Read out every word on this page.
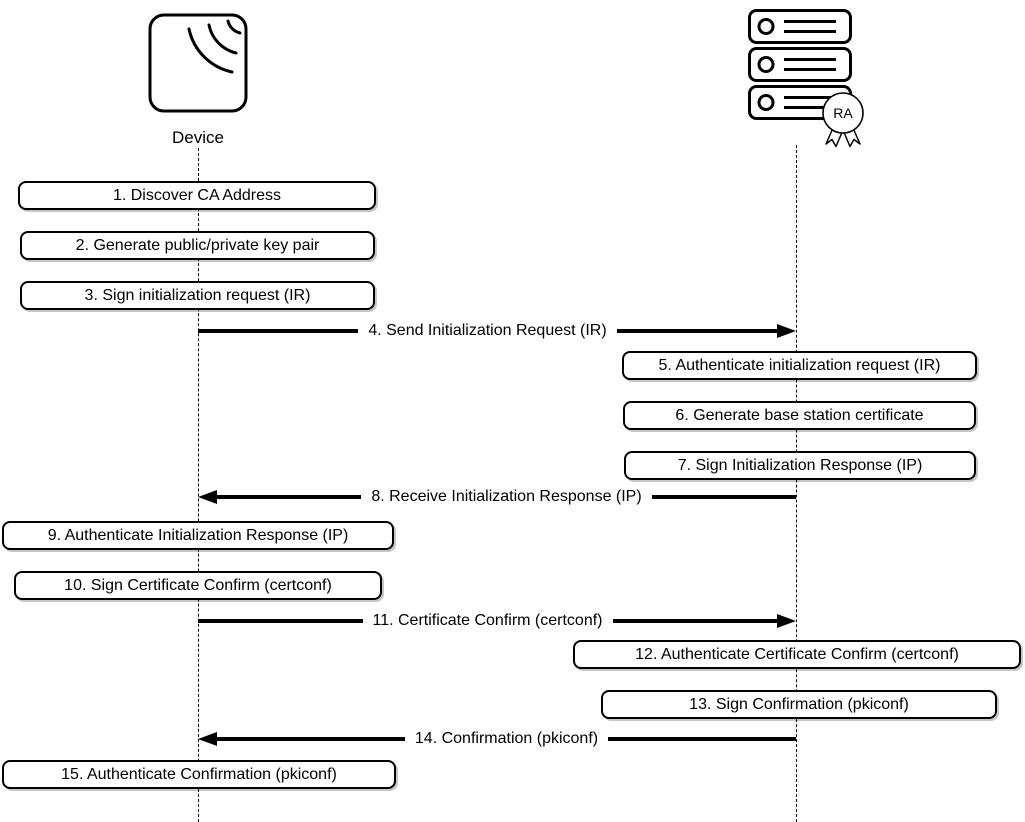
Device
RA
1. Discover CA Address
2. Generate public/private key pair
3. Sign initialization request (IR)
4. Send Initialization Request (IR)
5. Authenticate initialization request (IR)
6. Generate base station certificate
7. Sign Initialization Response (IP)
8. Receive Initialization Response (IP)
9. Authenticate Initialization Response (IP)
10. Sign Certificate Confirm (certconf)
11. Certificate Confirm (certconf)
12. Authenticate Certificate Confirm (certconf)
13. Sign Confirmation (pkiconf)
14. Confirmation (pkiconf)
15. Authenticate Confirmation (pkiconf)
